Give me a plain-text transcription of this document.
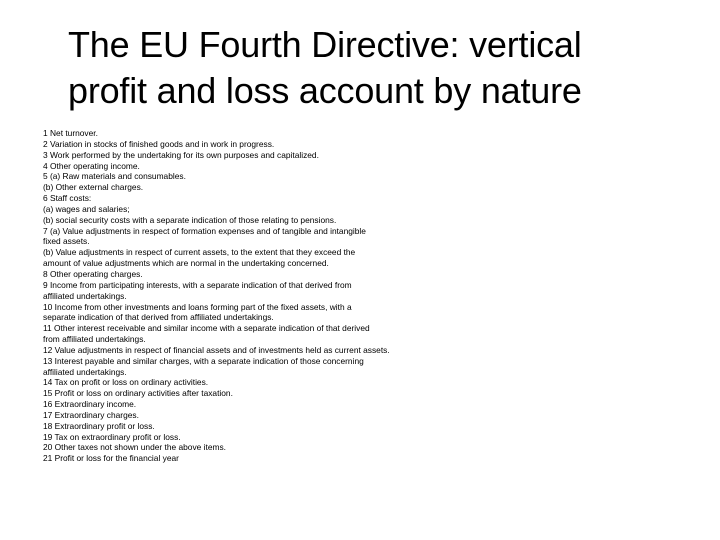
The EU Fourth Directive: vertical
profit and loss account by nature
1 Net turnover.
2 Variation in stocks of finished goods and in work in progress.
3 Work performed by the undertaking for its own purposes and capitalized.
4 Other operating income.
5 (a) Raw materials and consumables.
(b) Other external charges.
6 Staff costs:
(a) wages and salaries;
(b) social security costs with a separate indication of those relating to pensions.
7 (a) Value adjustments in respect of formation expenses and of tangible and intangible
fixed assets.
(b) Value adjustments in respect of current assets, to the extent that they exceed the
amount of value adjustments which are normal in the undertaking concerned.
8 Other operating charges.
9 Income from participating interests, with a separate indication of that derived from
affiliated undertakings.
10 Income from other investments and loans forming part of the fixed assets, with a
separate indication of that derived from affiliated undertakings.
11 Other interest receivable and similar income with a separate indication of that derived
from affiliated undertakings.
12 Value adjustments in respect of financial assets and of investments held as current assets.
13 Interest payable and similar charges, with a separate indication of those concerning
affiliated undertakings.
14 Tax on profit or loss on ordinary activities.
15 Profit or loss on ordinary activities after taxation.
16 Extraordinary income.
17 Extraordinary charges.
18 Extraordinary profit or loss.
19 Tax on extraordinary profit or loss.
20 Other taxes not shown under the above items.
21 Profit or loss for the financial year
